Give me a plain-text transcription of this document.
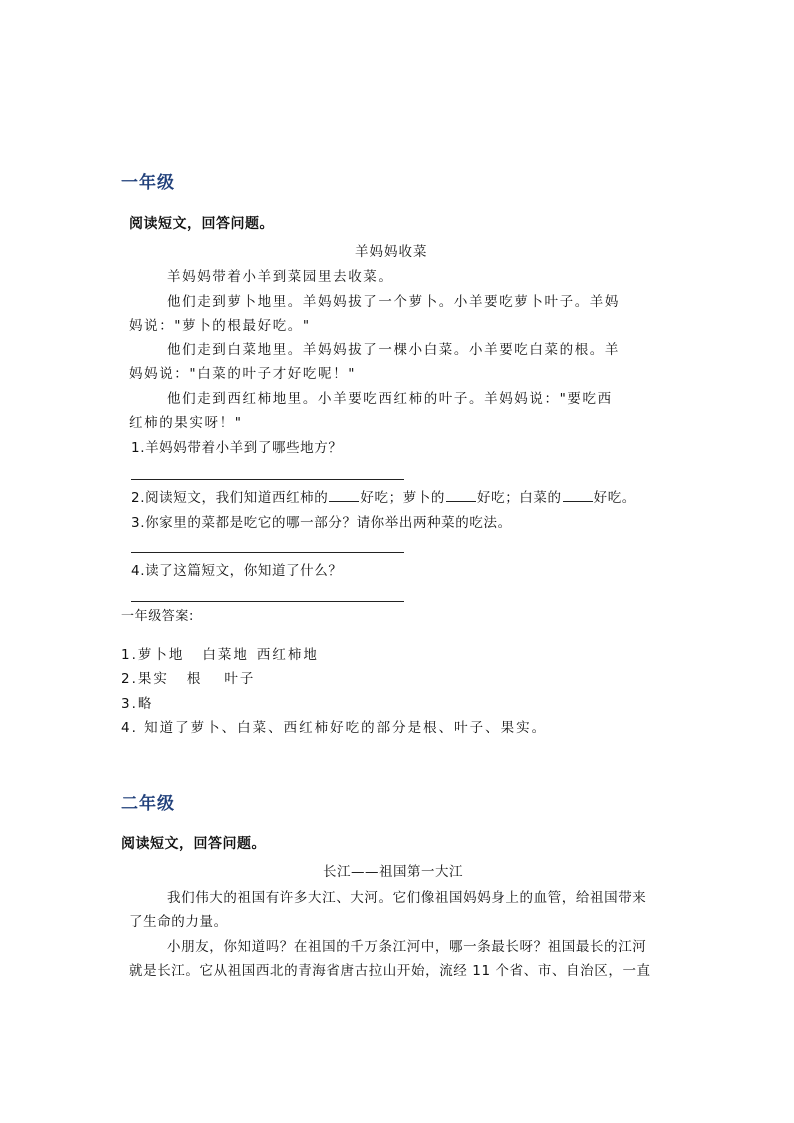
一年级
阅读短文，回答问题。
羊妈妈收菜
羊妈妈带着小羊到菜园里去收菜。
他们走到萝卜地里。羊妈妈拔了一个萝卜。小羊要吃萝卜叶子。羊妈
妈说："萝卜的根最好吃。"
他们走到白菜地里。羊妈妈拔了一棵小白菜。小羊要吃白菜的根。羊
妈妈说："白菜的叶子才好吃呢！"
他们走到西红柿地里。小羊要吃西红柿的叶子。羊妈妈说："要吃西
红柿的果实呀！"
1.羊妈妈带着小羊到了哪些地方？
2.阅读短文，我们知道西红柿的 好吃；萝卜的 好吃；白菜的 好吃。
3.你家里的菜都是吃它的哪一部分？请你举出两种菜的吃法。
4.读了这篇短文，你知道了什么？
一年级答案:
1.萝卜地 白菜地 西红柿地
2.果实 根 叶子
3.略
4. 知道了萝卜、白菜、西红柿好吃的部分是根、叶子、果实。
二年级
阅读短文，回答问题。
长江——祖国第一大江
我们伟大的祖国有许多大江、大河。它们像祖国妈妈身上的血管，给祖国带来
了生命的力量。
小朋友，你知道吗？在祖国的千万条江河中，哪一条最长呀？祖国最长的江河
就是长江。它从祖国西北的青海省唐古拉山开始，流经 11 个省、市、自治区，一直
